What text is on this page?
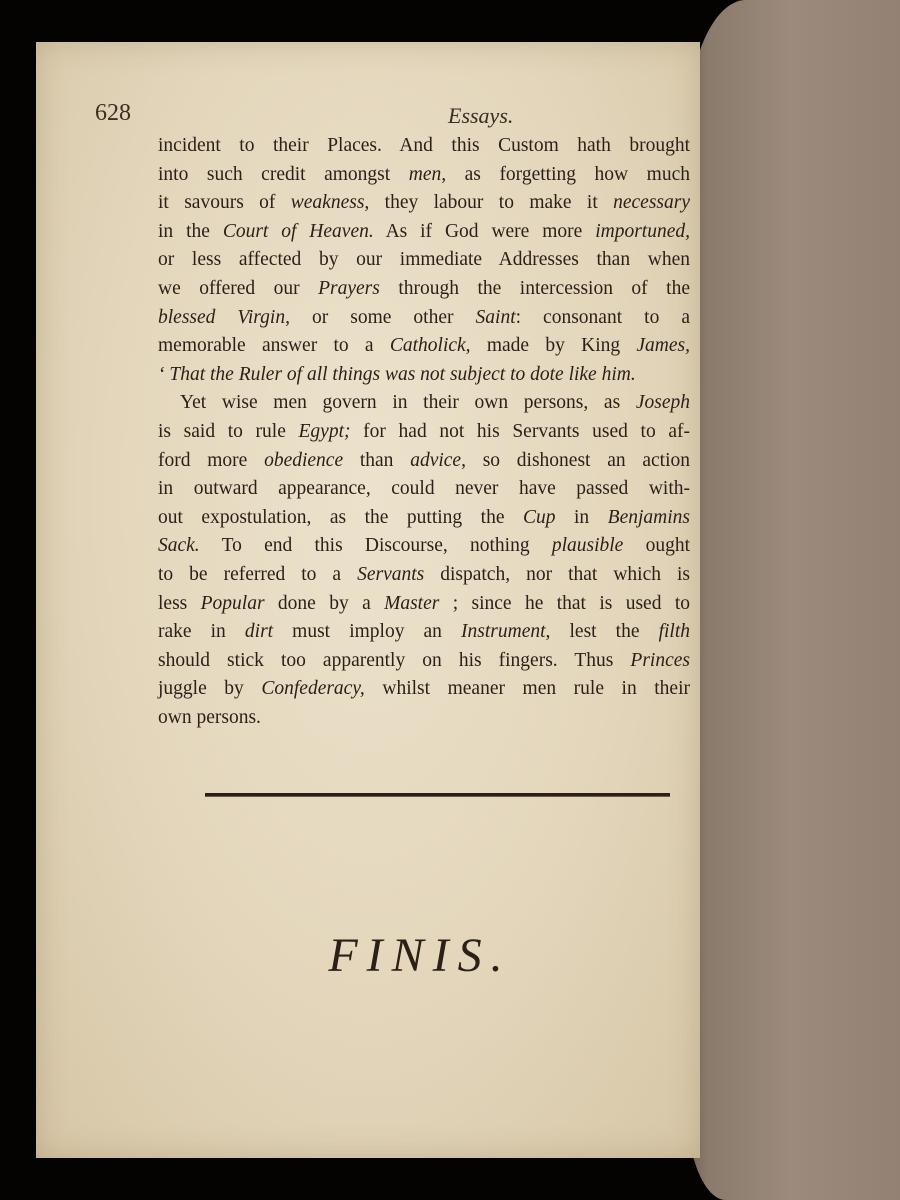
628	Essays.

incident to their Places. And this Custom hath brought
into such credit amongst men, as forgetting how much
it savours of weakness, they labour to make it necessary
in the Court of Heaven. As if God were more importuned,
or less affected by our immediate Addresses than when
we offered our Prayers through the intercession of the
blessed Virgin, or some other Saint: consonant to a
memorable answer to a Catholick, made by King James,
‘ That the Ruler of all things was not subject to dote like him.
Yet wise men govern in their own persons, as Joseph
is said to rule Egypt; for had not his Servants used to af-
ford more obedience than advice, so dishonest an action
in outward appearance, could never have passed with-
out expostulation, as the putting the Cup in Benjamins
Sack. To end this Discourse, nothing plausible ought
to be referred to a Servants dispatch, nor that which is
less Popular done by a Master ; since he that is used to
rake in dirt must imploy an Instrument, lest the filth
should stick too apparently on his fingers. Thus Princes
juggle by Confederacy, whilst meaner men rule in their
own persons.

FINIS.
